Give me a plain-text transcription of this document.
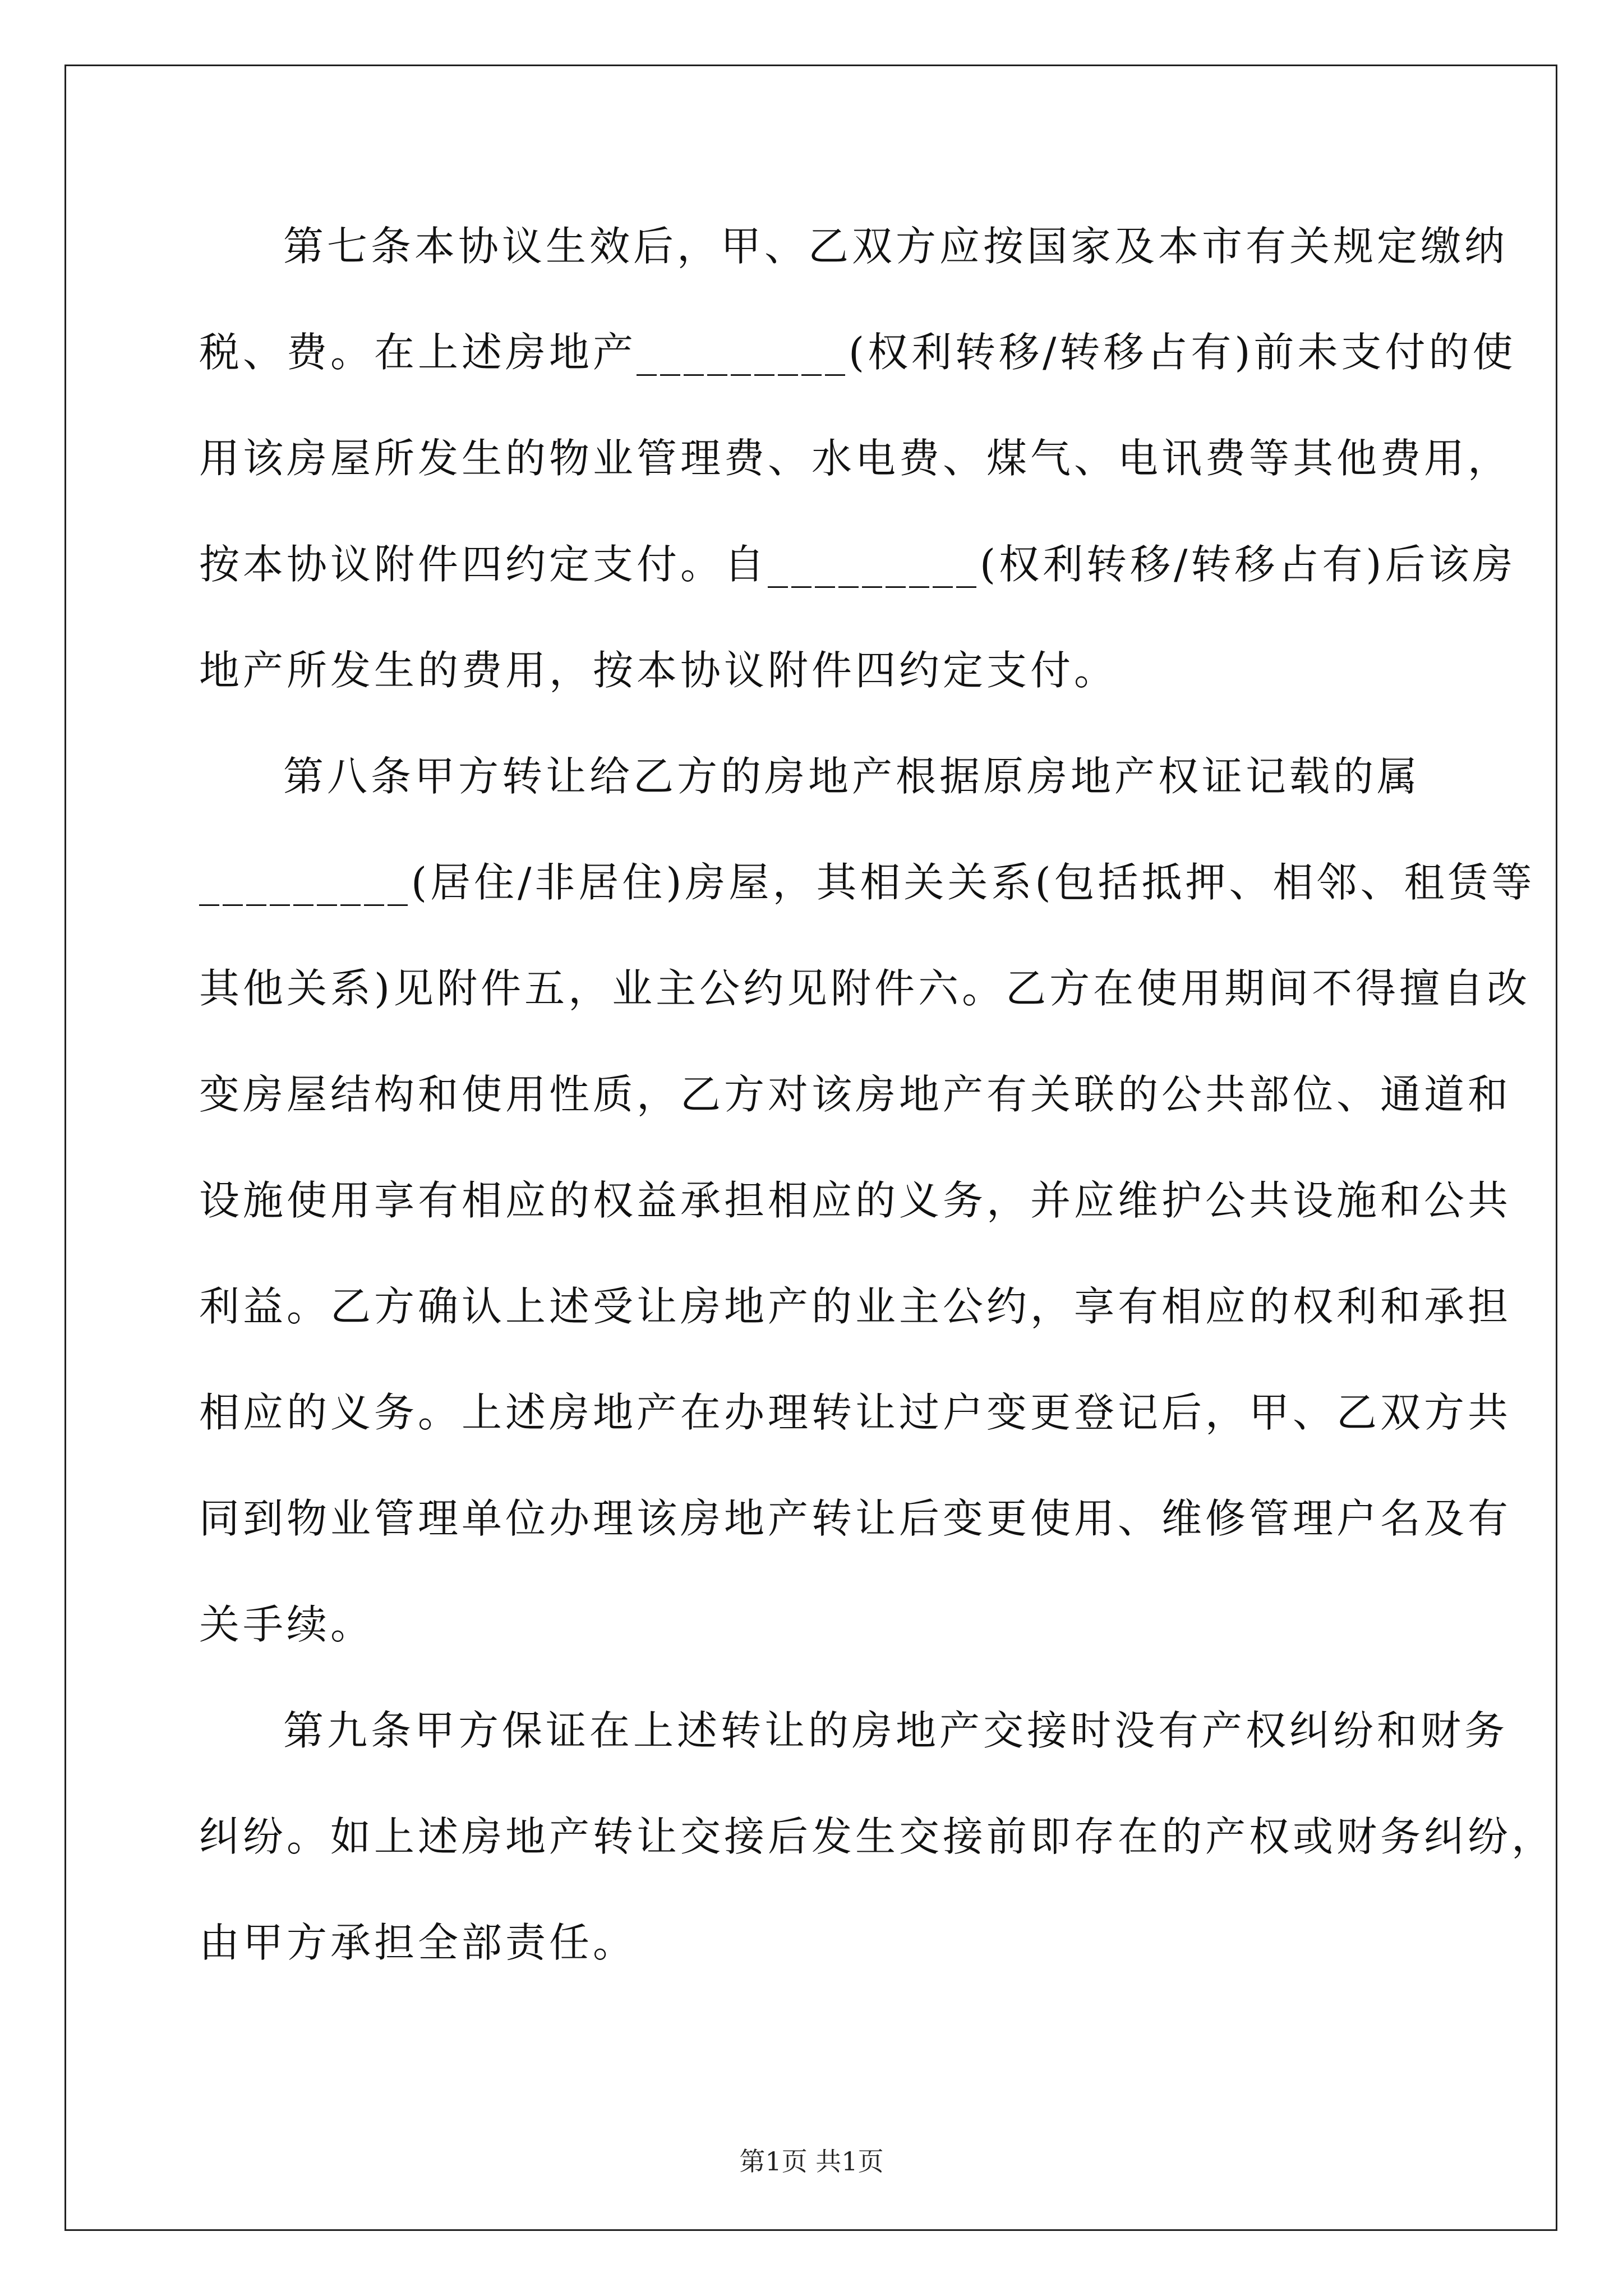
第七条本协议生效后，甲、乙双方应按国家及本市有关规定缴纳
税、费。在上述房地产_________(权利转移/转移占有)前未支付的使
用该房屋所发生的物业管理费、水电费、煤气、电讯费等其他费用，
按本协议附件四约定支付。自_________(权利转移/转移占有)后该房
地产所发生的费用，按本协议附件四约定支付。
第八条甲方转让给乙方的房地产根据原房地产权证记载的属
_________(居住/非居住)房屋，其相关关系(包括抵押、相邻、租赁等
其他关系)见附件五，业主公约见附件六。乙方在使用期间不得擅自改
变房屋结构和使用性质，乙方对该房地产有关联的公共部位、通道和
设施使用享有相应的权益承担相应的义务，并应维护公共设施和公共
利益。乙方确认上述受让房地产的业主公约，享有相应的权利和承担
相应的义务。上述房地产在办理转让过户变更登记后，甲、乙双方共
同到物业管理单位办理该房地产转让后变更使用、维修管理户名及有
关手续。
第九条甲方保证在上述转让的房地产交接时没有产权纠纷和财务
纠纷。如上述房地产转让交接后发生交接前即存在的产权或财务纠纷，
由甲方承担全部责任。
第1页 共1页
